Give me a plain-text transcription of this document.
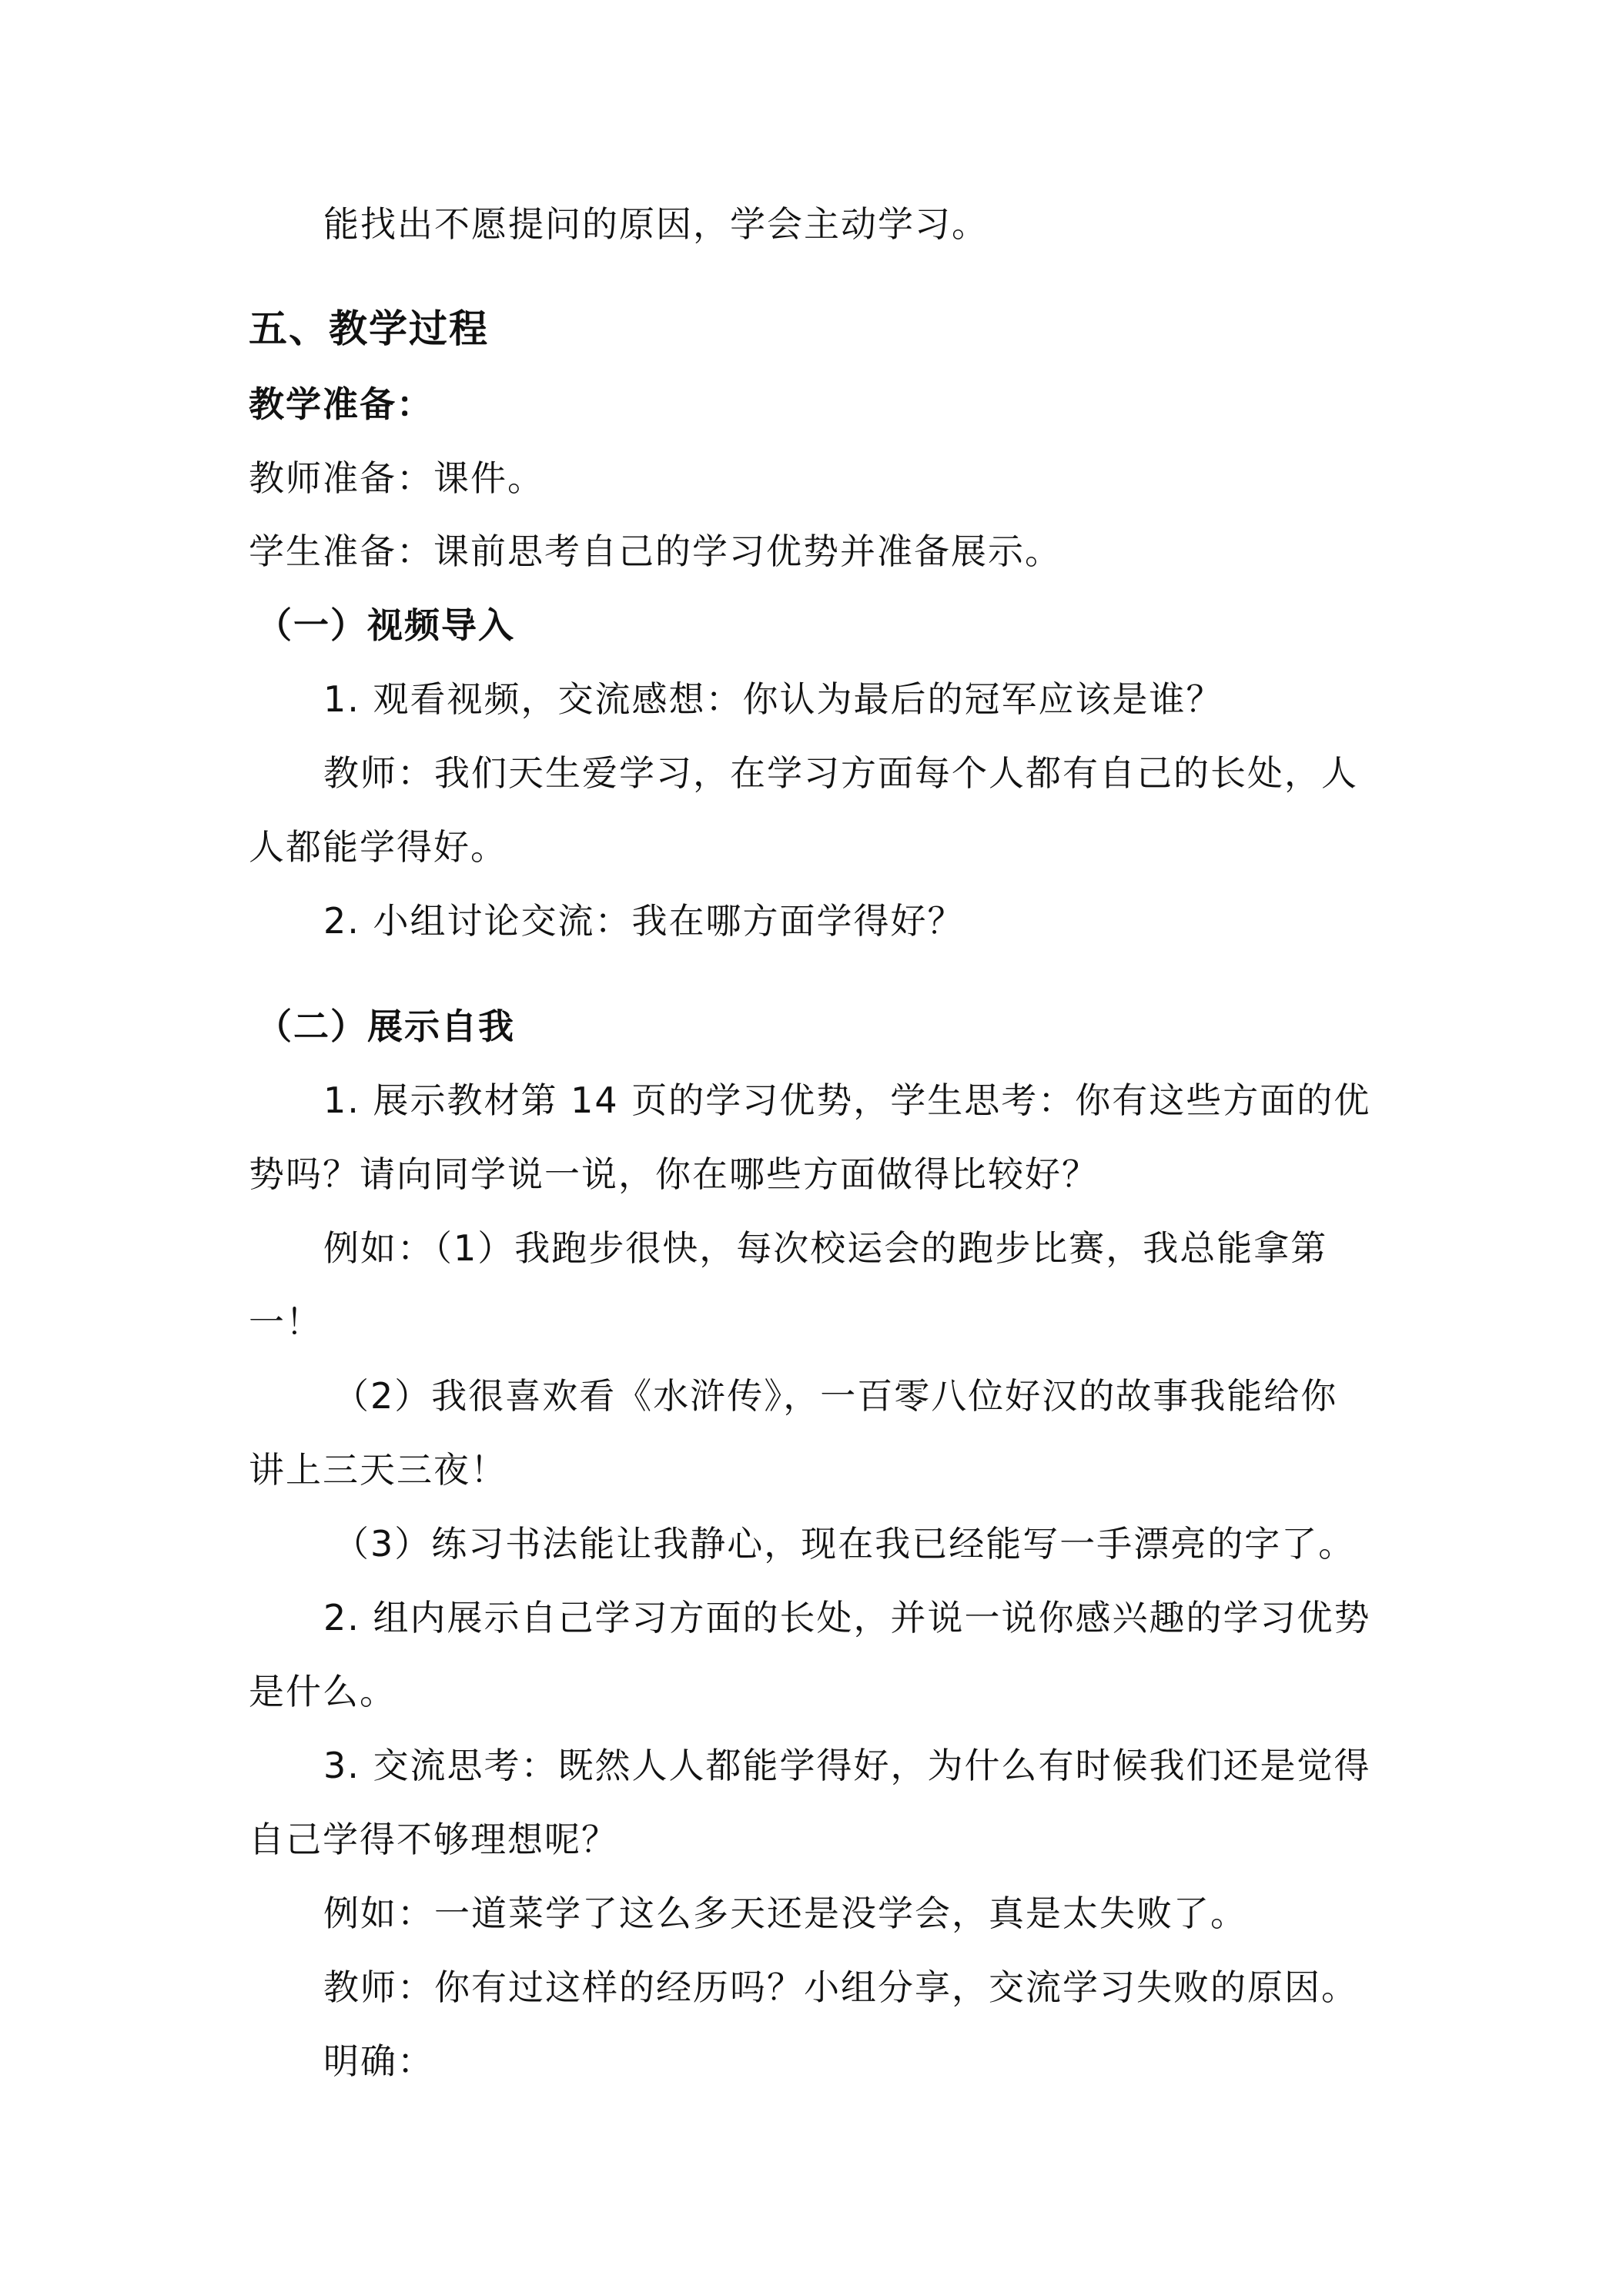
能找出不愿提问的原因，学会主动学习。

五、教学过程

教学准备：

教师准备：课件。

学生准备：课前思考自己的学习优势并准备展示。

（一）视频导入

1. 观看视频，交流感想：你认为最后的冠军应该是谁？

教师：我们天生爱学习，在学习方面每个人都有自己的长处，人

人都能学得好。

2. 小组讨论交流：我在哪方面学得好？

（二）展示自我

1. 展示教材第 14 页的学习优势，学生思考：你有这些方面的优

势吗？请向同学说一说，你在哪些方面做得比较好？

例如：（1）我跑步很快，每次校运会的跑步比赛，我总能拿第

一！

（2）我很喜欢看《水浒传》，一百零八位好汉的故事我能给你

讲上三天三夜！

（3）练习书法能让我静心，现在我已经能写一手漂亮的字了。

2. 组内展示自己学习方面的长处，并说一说你感兴趣的学习优势

是什么。

3. 交流思考：既然人人都能学得好，为什么有时候我们还是觉得

自己学得不够理想呢？

例如：一道菜学了这么多天还是没学会，真是太失败了。

教师：你有过这样的经历吗？小组分享，交流学习失败的原因。

明确：
